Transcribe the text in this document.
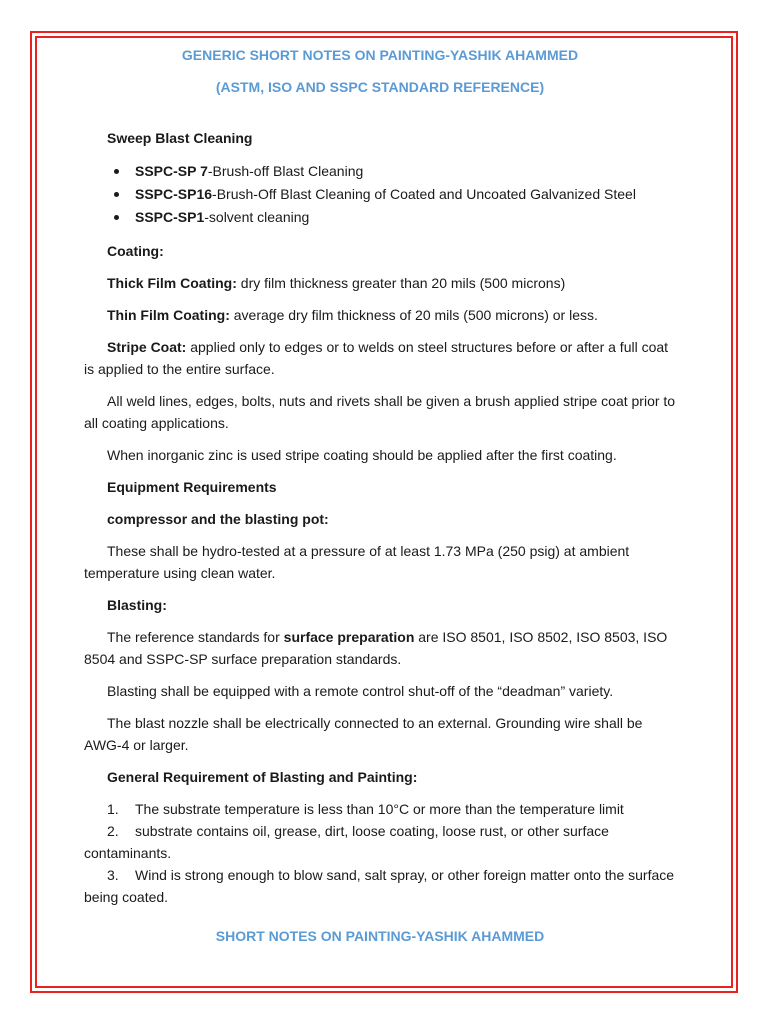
GENERIC SHORT NOTES ON PAINTING-YASHIK AHAMMED

(ASTM, ISO AND SSPC STANDARD REFERENCE)

Sweep Blast Cleaning

SSPC-SP 7-Brush-off Blast Cleaning
SSPC-SP16-Brush-Off Blast Cleaning of Coated and Uncoated Galvanized Steel
SSPC-SP1-solvent cleaning

Coating:

Thick Film Coating: dry film thickness greater than 20 mils (500 microns)

Thin Film Coating: average dry film thickness of 20 mils (500 microns) or less.

Stripe Coat: applied only to edges or to welds on steel structures before or after a full coat is applied to the entire surface.

All weld lines, edges, bolts, nuts and rivets shall be given a brush applied stripe coat prior to all coating applications.

When inorganic zinc is used stripe coating should be applied after the first coating.

Equipment Requirements

compressor and the blasting pot:

These shall be hydro-tested at a pressure of at least 1.73 MPa (250 psig) at ambient temperature using clean water.

Blasting:

The reference standards for surface preparation are ISO 8501, ISO 8502, ISO 8503, ISO 8504 and SSPC-SP surface preparation standards.

Blasting shall be equipped with a remote control shut-off of the “deadman” variety.

The blast nozzle shall be electrically connected to an external. Grounding wire shall be AWG-4 or larger.

General Requirement of Blasting and Painting:

1. The substrate temperature is less than 10°C or more than the temperature limit

2. substrate contains oil, grease, dirt, loose coating, loose rust, or other surface contaminants.

3. Wind is strong enough to blow sand, salt spray, or other foreign matter onto the surface being coated.

SHORT NOTES ON PAINTING-YASHIK AHAMMED
